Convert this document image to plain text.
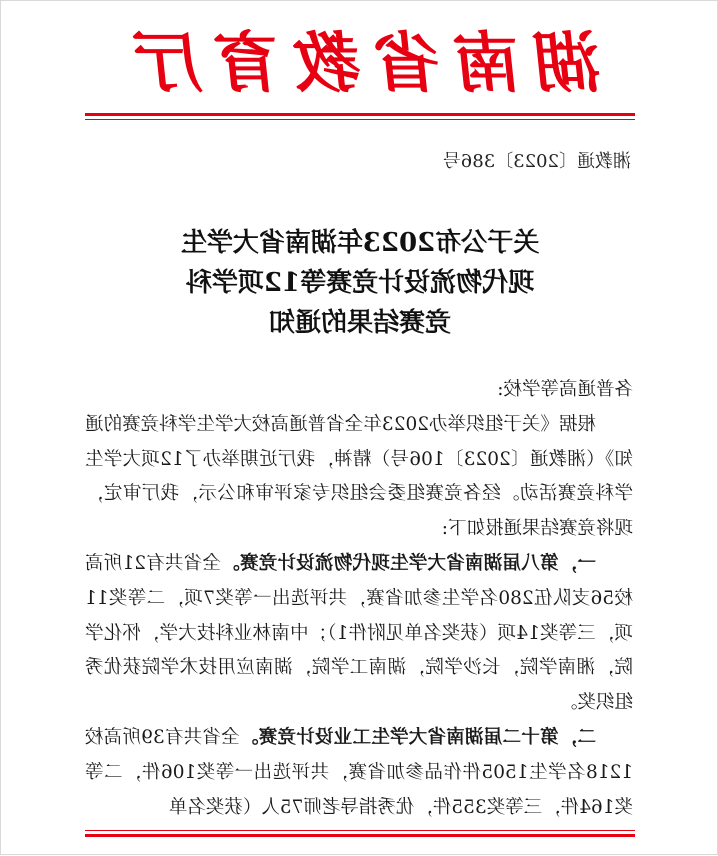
湖南省教育厅
湘教通〔2023〕386号
关于公布2023年湖南省大学生
现代物流设计竞赛等12项学科
竞赛结果的通知

各普通高等学校:

根据《关于组织举办2023年全省普通高校大学生学科竞赛的通知》（湘教通〔2023〕106号）精神，我厅近期举办了12项大学生学科竞赛活动。经各竞赛组委会组织专家评审和公示，我厅审定，现将竞赛结果通报如下:

一，第八届湖南省大学生现代物流设计竞赛。全省共有21所高校56支队伍280名学生参加省赛，共评选出一等奖7项，二等奖11项，三等奖14项（获奖名单见附件1）；中南林业科技大学，怀化学院，湘南学院，长沙学院，湖南工学院，湖南应用技术学院获优秀组织奖。

二，第十二届湖南省大学生工业设计竞赛。全省共有39所高校1218名学生1505件作品参加省赛，共评选出一等奖106件，二等奖164件，三等奖355件，优秀指导老师75人（获奖名单
